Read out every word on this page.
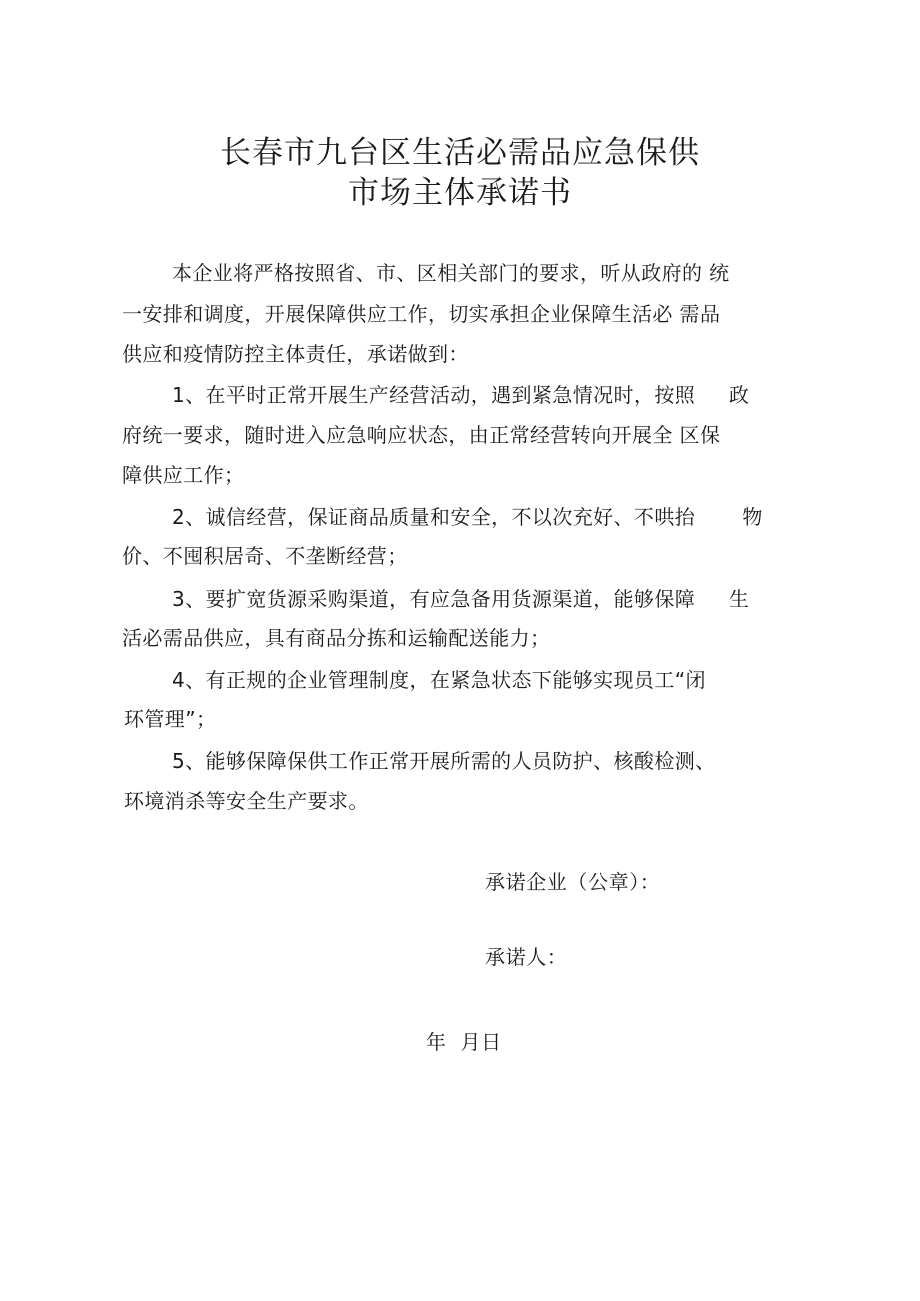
长春市九台区生活必需品应急保供
市场主体承诺书

本企业将严格按照省、市、区相关部门的要求，听从政府的 统

一安排和调度，开展保障供应工作，切实承担企业保障生活必 需品

供应和疫情防控主体责任，承诺做到：

1、在平时正常开展生产经营活动，遇到紧急情况时，按照     政

府统一要求，随时进入应急响应状态，由正常经营转向开展全 区保

障供应工作；

2、诚信经营，保证商品质量和安全，不以次充好、不哄抬       物

价、不囤积居奇、不垄断经营；

3、要扩宽货源采购渠道，有应急备用货源渠道，能够保障     生

活必需品供应，具有商品分拣和运输配送能力；

4、有正规的企业管理制度，在紧急状态下能够实现员工“闭

环管理”；

5、能够保障保供工作正常开展所需的人员防护、核酸检测、

环境消杀等安全生产要求。

承诺企业（公章）：

承诺人：

年  月日
